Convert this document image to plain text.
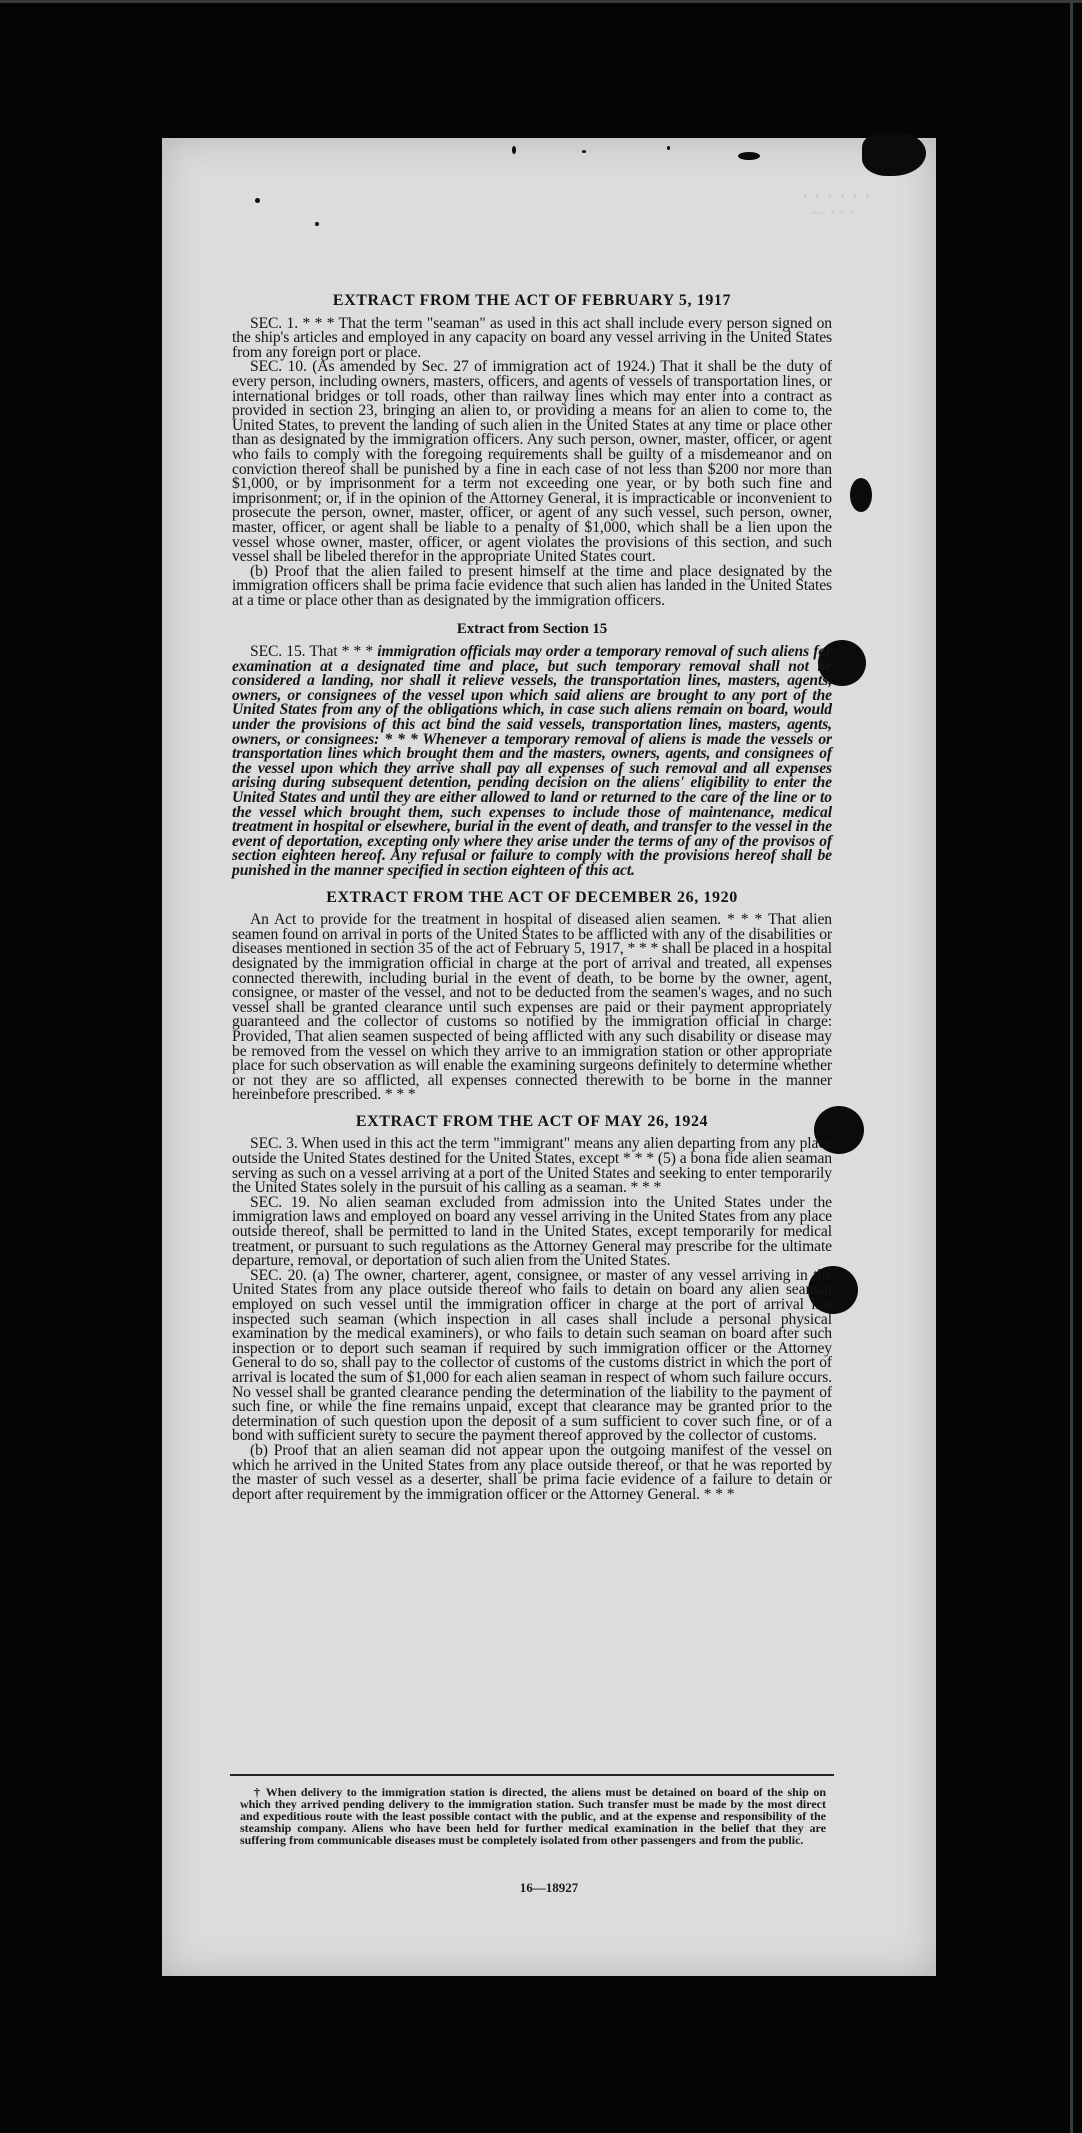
· · · · · ·
— · · ·
EXTRACT FROM THE ACT OF FEBRUARY 5, 1917

SEC. 1. * * * That the term "seaman" as used in this act shall include every person signed on the ship's articles and employed in any capacity on board any vessel arriving in the United States from any foreign port or place.

SEC. 10. (As amended by Sec. 27 of immigration act of 1924.) That it shall be the duty of every person, including owners, masters, officers, and agents of vessels of transportation lines, or international bridges or toll roads, other than railway lines which may enter into a contract as provided in section 23, bringing an alien to, or providing a means for an alien to come to, the United States, to prevent the landing of such alien in the United States at any time or place other than as designated by the immigration officers. Any such person, owner, master, officer, or agent who fails to comply with the foregoing requirements shall be guilty of a misdemeanor and on conviction thereof shall be punished by a fine in each case of not less than $200 nor more than $1,000, or by imprisonment for a term not exceeding one year, or by both such fine and imprisonment; or, if in the opinion of the Attorney General, it is impracticable or inconvenient to prosecute the person, owner, master, officer, or agent of any such vessel, such person, owner, master, officer, or agent shall be liable to a penalty of $1,000, which shall be a lien upon the vessel whose owner, master, officer, or agent violates the provisions of this section, and such vessel shall be libeled therefor in the appropriate United States court.

(b) Proof that the alien failed to present himself at the time and place designated by the immigration officers shall be prima facie evidence that such alien has landed in the United States at a time or place other than as designated by the immigration officers.

Extract from Section 15

SEC. 15. That * * * immigration officials may order a temporary removal of such aliens for examination at a designated time and place, but such temporary removal shall not be considered a landing, nor shall it relieve vessels, the transportation lines, masters, agents, owners, or consignees of the vessel upon which said aliens are brought to any port of the United States from any of the obligations which, in case such aliens remain on board, would under the provisions of this act bind the said vessels, transportation lines, masters, agents, owners, or consignees: * * * Whenever a temporary removal of aliens is made the vessels or transportation lines which brought them and the masters, owners, agents, and consignees of the vessel upon which they arrive shall pay all expenses of such removal and all expenses arising during subsequent detention, pending decision on the aliens' eligibility to enter the United States and until they are either allowed to land or returned to the care of the line or to the vessel which brought them, such expenses to include those of maintenance, medical treatment in hospital or elsewhere, burial in the event of death, and transfer to the vessel in the event of deportation, excepting only where they arise under the terms of any of the provisos of section eighteen hereof. Any refusal or failure to comply with the provisions hereof shall be punished in the manner specified in section eighteen of this act.

EXTRACT FROM THE ACT OF DECEMBER 26, 1920

An Act to provide for the treatment in hospital of diseased alien seamen. * * * That alien seamen found on arrival in ports of the United States to be afflicted with any of the disabilities or diseases mentioned in section 35 of the act of February 5, 1917, * * * shall be placed in a hospital designated by the immigration official in charge at the port of arrival and treated, all expenses connected therewith, including burial in the event of death, to be borne by the owner, agent, consignee, or master of the vessel, and not to be deducted from the seamen's wages, and no such vessel shall be granted clearance until such expenses are paid or their payment appropriately guaranteed and the collector of customs so notified by the immigration official in charge: Provided, That alien seamen suspected of being afflicted with any such disability or disease may be removed from the vessel on which they arrive to an immigration station or other appropriate place for such observation as will enable the examining surgeons definitely to determine whether or not they are so afflicted, all expenses connected therewith to be borne in the manner hereinbefore prescribed. * * *

EXTRACT FROM THE ACT OF MAY 26, 1924

SEC. 3. When used in this act the term "immigrant" means any alien departing from any place outside the United States destined for the United States, except * * * (5) a bona fide alien seaman serving as such on a vessel arriving at a port of the United States and seeking to enter temporarily the United States solely in the pursuit of his calling as a seaman. * * *

SEC. 19. No alien seaman excluded from admission into the United States under the immigration laws and employed on board any vessel arriving in the United States from any place outside thereof, shall be permitted to land in the United States, except temporarily for medical treatment, or pursuant to such regulations as the Attorney General may prescribe for the ultimate departure, removal, or deportation of such alien from the United States.

SEC. 20. (a) The owner, charterer, agent, consignee, or master of any vessel arriving in the United States from any place outside thereof who fails to detain on board any alien seaman employed on such vessel until the immigration officer in charge at the port of arrival has inspected such seaman (which inspection in all cases shall include a personal physical examination by the medical examiners), or who fails to detain such seaman on board after such inspection or to deport such seaman if required by such immigration officer or the Attorney General to do so, shall pay to the collector of customs of the customs district in which the port of arrival is located the sum of $1,000 for each alien seaman in respect of whom such failure occurs. No vessel shall be granted clearance pending the determination of the liability to the payment of such fine, or while the fine remains unpaid, except that clearance may be granted prior to the determination of such question upon the deposit of a sum sufficient to cover such fine, or of a bond with sufficient surety to secure the payment thereof approved by the collector of customs.

(b) Proof that an alien seaman did not appear upon the outgoing manifest of the vessel on which he arrived in the United States from any place outside thereof, or that he was reported by the master of such vessel as a deserter, shall be prima facie evidence of a failure to detain or deport after requirement by the immigration officer or the Attorney General. * * *

† When delivery to the immigration station is directed, the aliens must be detained on board of the ship on which they arrived pending delivery to the immigration station. Such transfer must be made by the most direct and expeditious route with the least possible contact with the public, and at the expense and responsibility of the steamship company. Aliens who have been held for further medical examination in the belief that they are suffering from communicable diseases must be completely isolated from other passengers and from the public.
16—18927
